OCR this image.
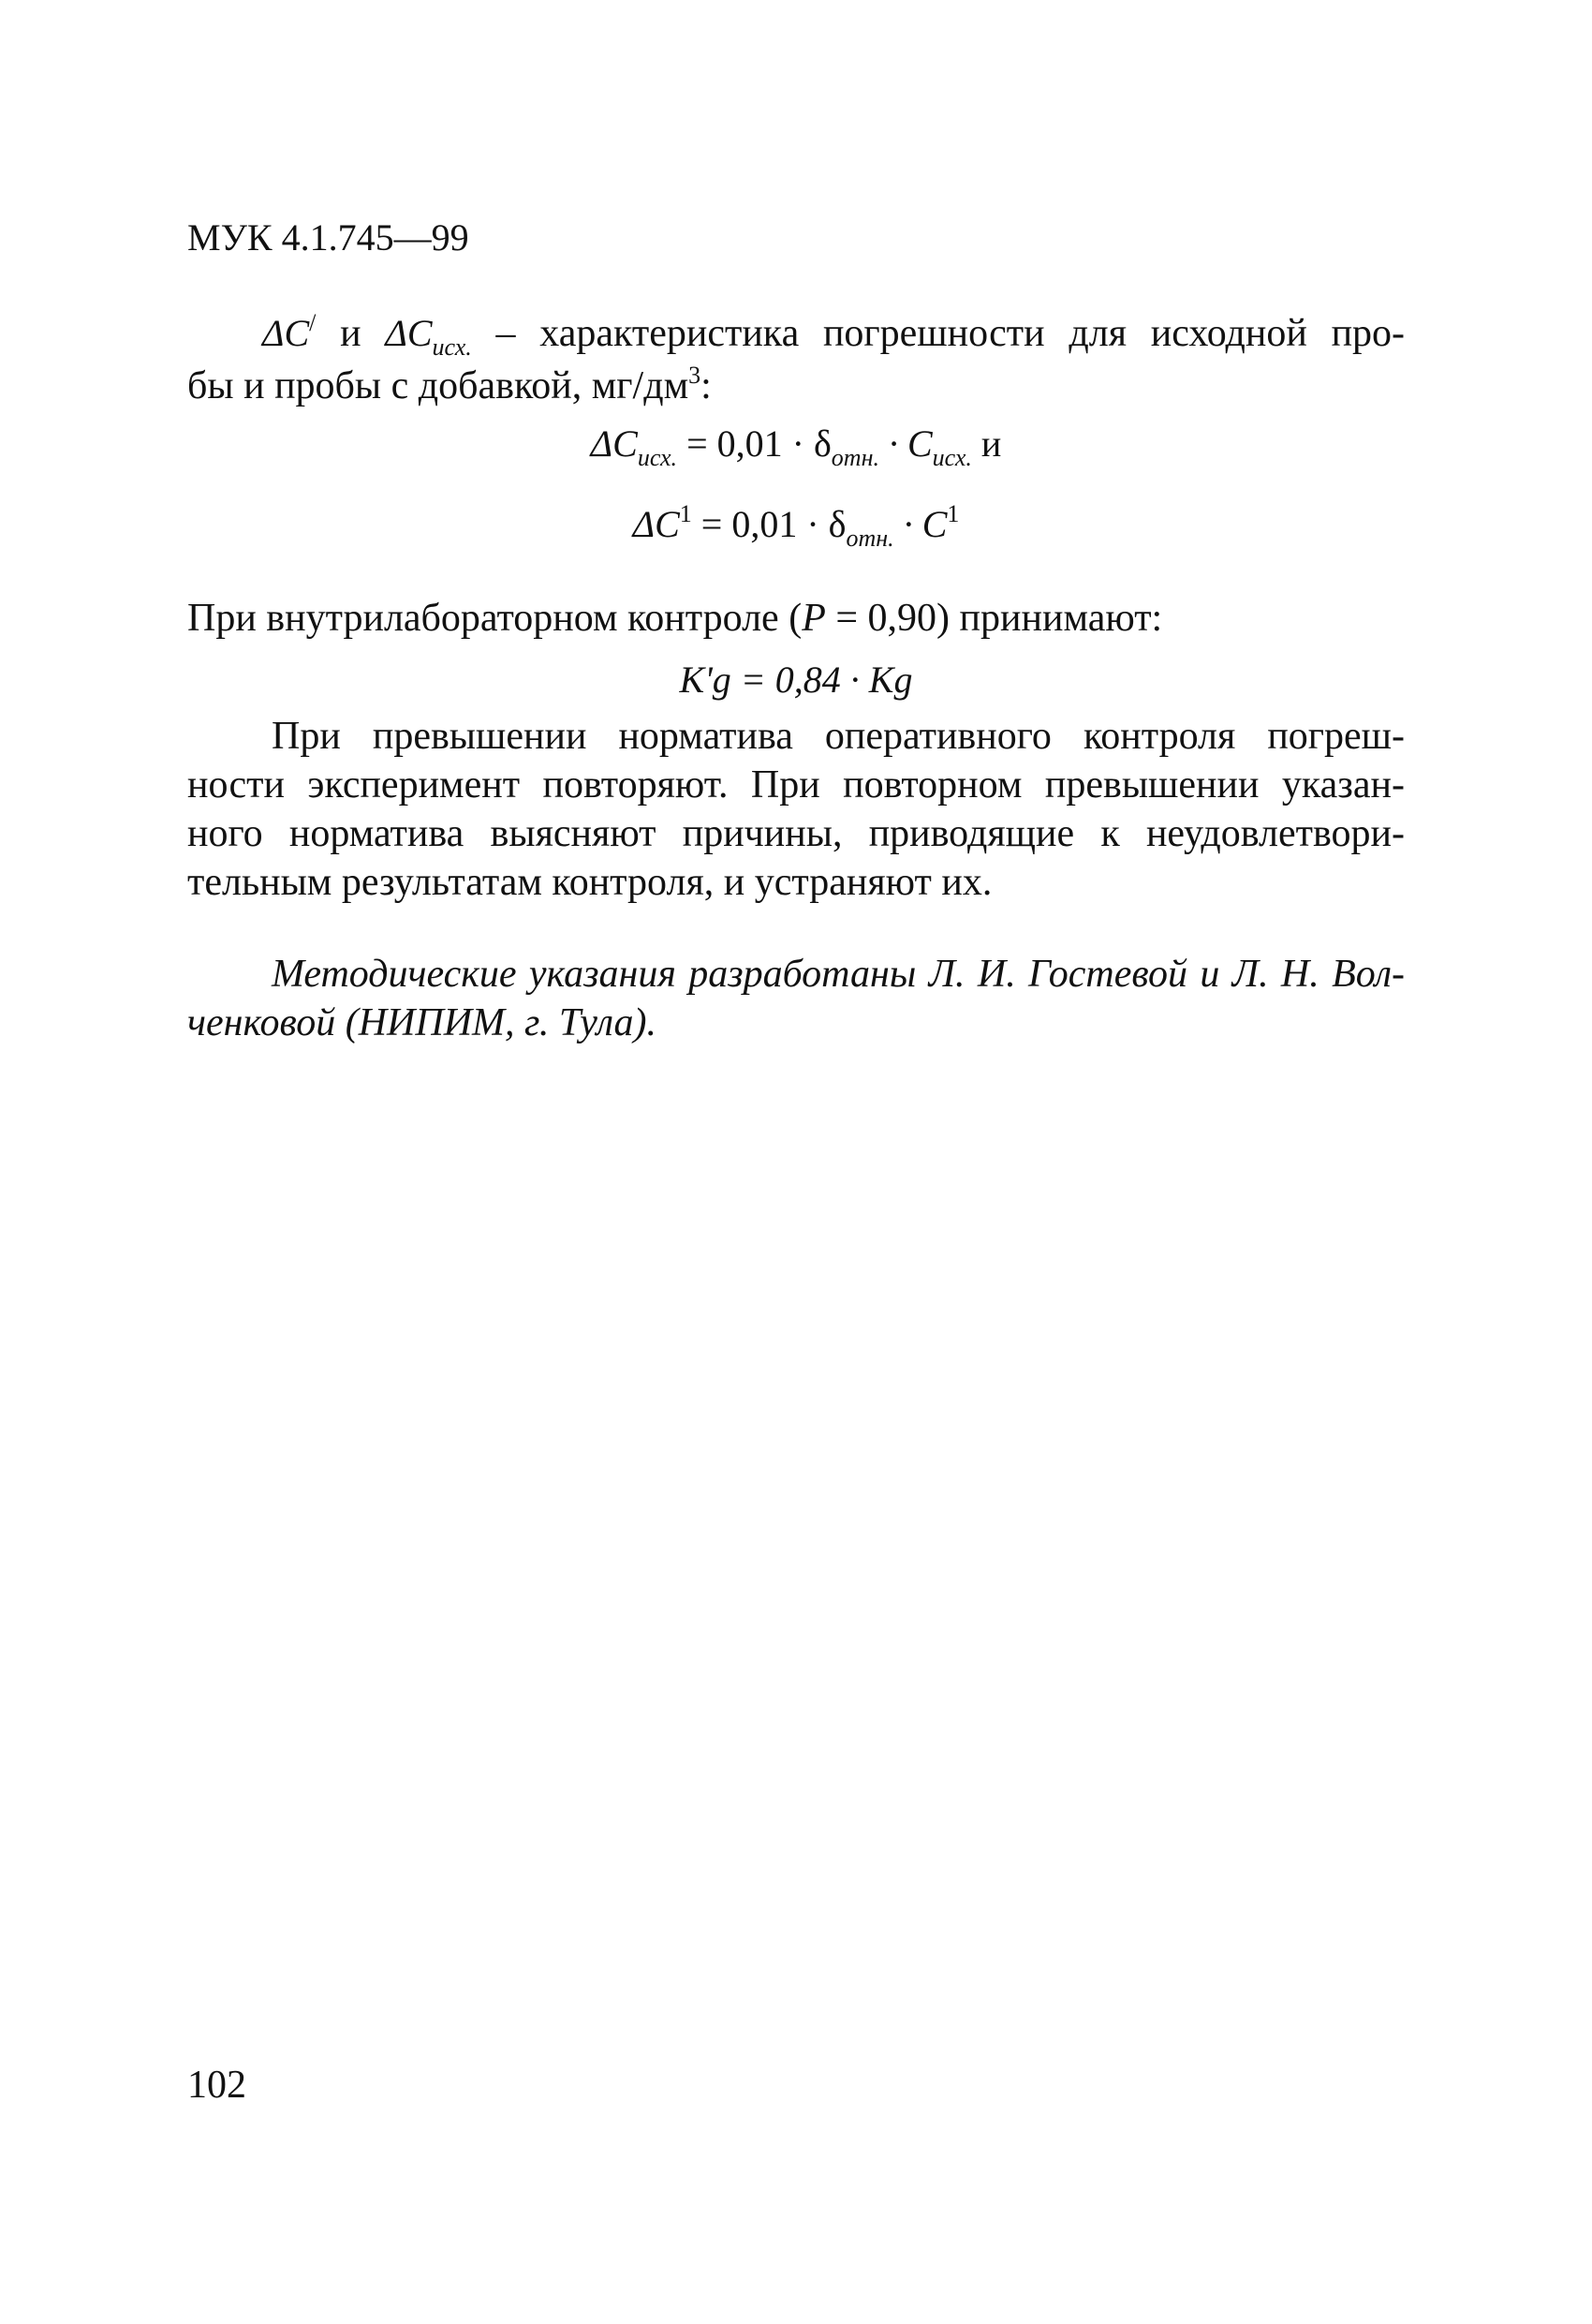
МУК 4.1.745—99
ΔC/ и $\Delta C_{исх.}$ – характеристика погрешности для исходной про-
бы и пробы с добавкой, $мг/дм^3$:
$\Delta C_{исх.} = 0,01 \cdot \delta_{отн.} \cdot C_{исх.}$ и
$\Delta C^1 = 0,01 \cdot \delta_{отн.} \cdot C^1$
При внутрилабораторном контроле (P = 0,90) принимают:
K'g = 0,84 · Kg
При превышении норматива оперативного контроля погреш-
ности эксперимент повторяют. При повторном превышении указан-
ного норматива выясняют причины, приводящие к неудовлетвори-
тельным результатам контроля, и устраняют их.
Методические указания разработаны Л. И. Гостевой и Л. Н. Вол-
ченковой (НИПИМ, г. Тула).
102
